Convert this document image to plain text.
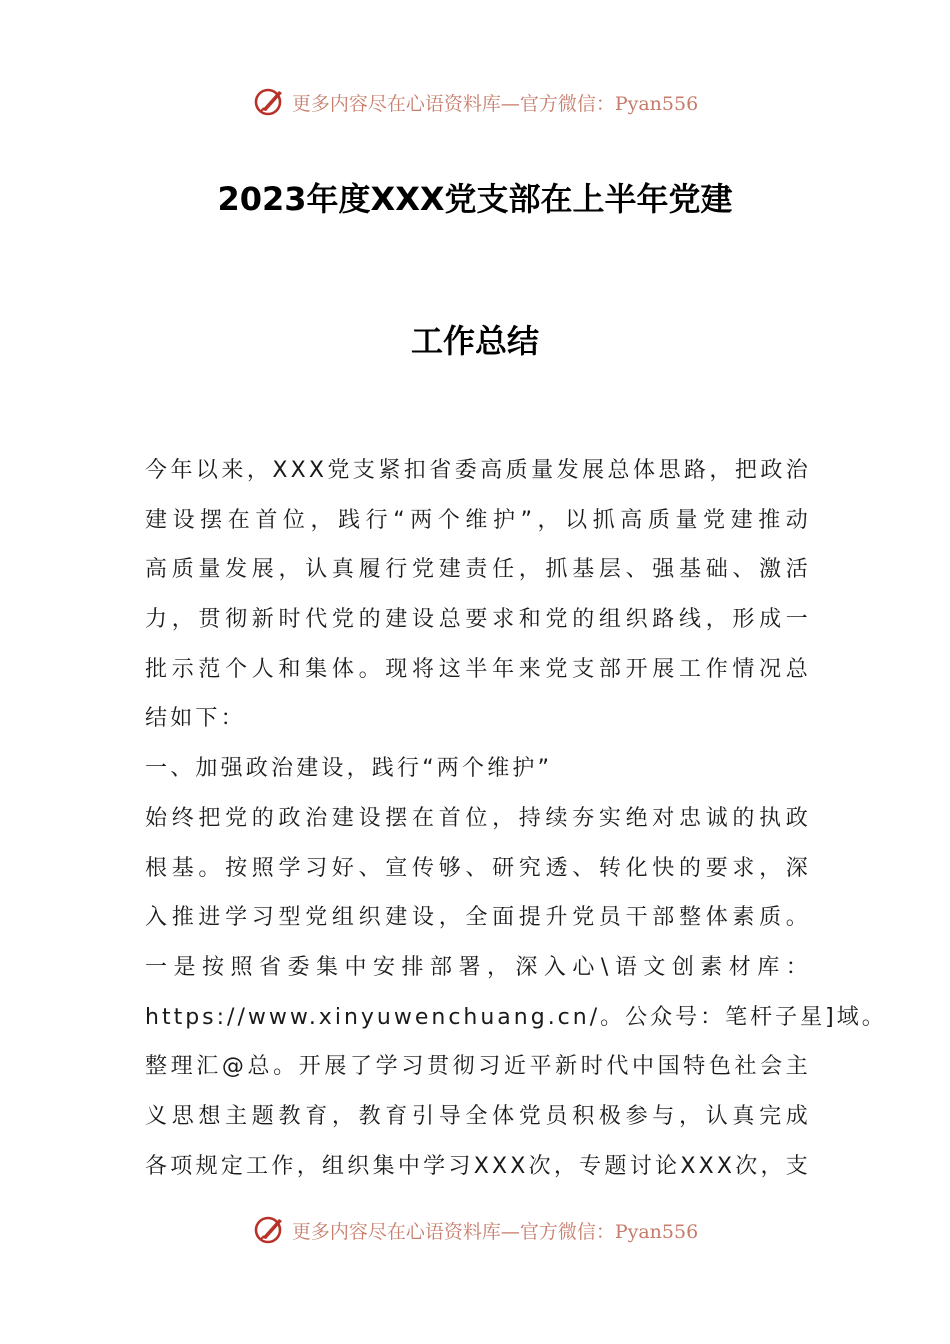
更多内容尽在心语资料库—官方微信：Pyan556
2023年度XXX党支部在上半年党建
工作总结
今年以来，XXX党支紧扣省委高质量发展总体思路，把政治
建设摆在首位，践行“两个维护”，以抓高质量党建推动
高质量发展，认真履行党建责任，抓基层、强基础、激活
力，贯彻新时代党的建设总要求和党的组织路线，形成一
批示范个人和集体。现将这半年来党支部开展工作情况总
结如下：
一、加强政治建设，践行“两个维护”
始终把党的政治建设摆在首位，持续夯实绝对忠诚的执政
根基。按照学习好、宣传够、研究透、转化快的要求，深
入推进学习型党组织建设，全面提升党员干部整体素质。
一是按照省委集中安排部署，深入心\语文创素材库：
https://www.xinyuwenchuang.cn/。公众号：笔杆子星]域。
整理汇@总。开展了学习贯彻习近平新时代中国特色社会主
义思想主题教育，教育引导全体党员积极参与，认真完成
各项规定工作，组织集中学习XXX次，专题讨论XXX次，支
更多内容尽在心语资料库—官方微信：Pyan556
